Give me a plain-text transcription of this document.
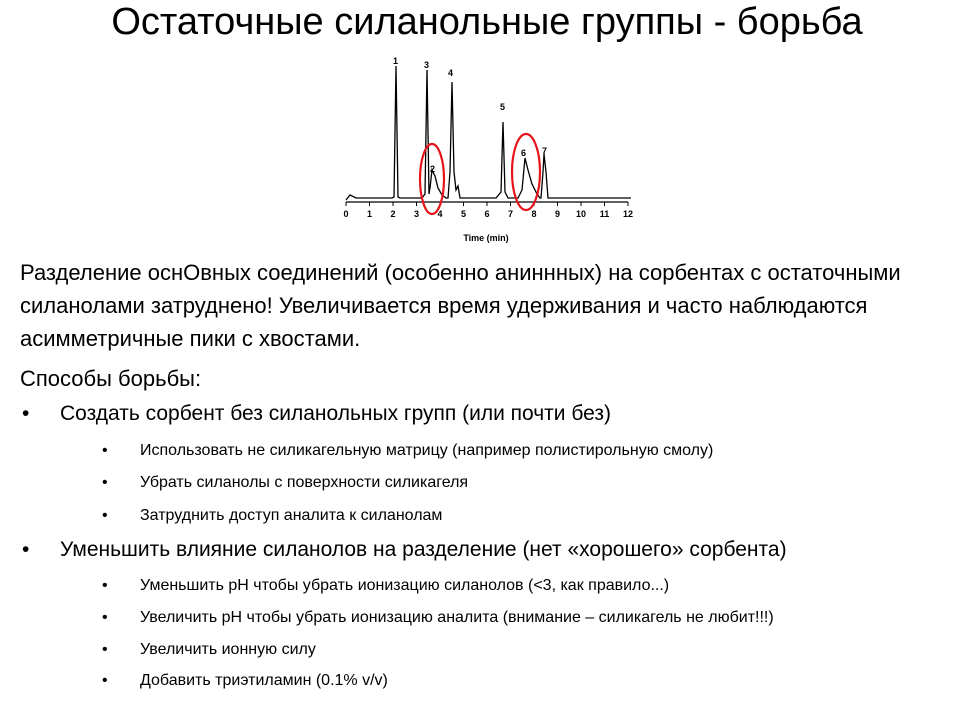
Остаточные силанольные группы - борьба
0 1 2 3 4 5 6 7 8 9 10 11 12
1
2
3
4
5
6 7
Time (min)
Разделение оснОвных соединений (особенно аниннных) на сорбентах с остаточными силанолами затруднено! Увеличивается время удерживания и часто наблюдаются асимметричные пики с хвостами.
Способы борьбы:
• Создать сорбент без силанольных групп (или почти без)
• Использовать не силикагельную матрицу (например полистирольную смолу)
• Убрать силанолы с поверхности силикагеля
• Затруднить доступ аналита к силанолам
• Уменьшить влияние силанолов на разделение (нет «хорошего» сорбента)
• Уменьшить pH чтобы убрать ионизацию силанолов (<3, как правило...)
• Увеличить pH чтобы убрать ионизацию аналита (внимание – силикагель не любит!!!)
• Увеличить ионную силу
• Добавить триэтиламин (0.1% v/v)
